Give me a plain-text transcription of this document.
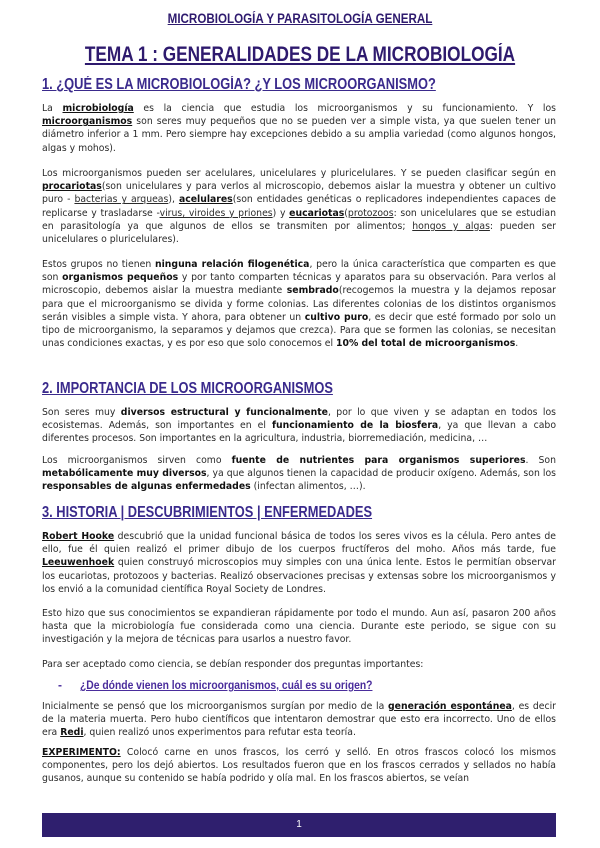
MICROBIOLOGÍA Y PARASITOLOGÍA GENERAL
TEMA 1 : GENERALIDADES DE LA MICROBIOLOGÍA
1. ¿QUÉ ES LA MICROBIOLOGÍA? ¿Y LOS MICROORGANISMO?
La microbiología es la ciencia que estudia los microorganismos y su funcionamiento. Y los microorganismos son seres muy pequeños que no se pueden ver a simple vista, ya que suelen tener un diámetro inferior a 1 mm. Pero siempre hay excepciones debido a su amplia variedad (como algunos hongos, algas y mohos).
Los microorganismos pueden ser acelulares, unicelulares y pluricelulares. Y se pueden clasificar según en procariotas(son unicelulares y para verlos al microscopio, debemos aislar la muestra y obtener un cultivo puro - bacterias y arqueas), acelulares(son entidades genéticas o replicadores independientes capaces de replicarse y trasladarse -virus, viroides y priones) y eucariotas(protozoos: son unicelulares que se estudian en parasitología ya que algunos de ellos se transmiten por alimentos; hongos y algas: pueden ser unicelulares o pluricelulares).
Estos grupos no tienen ninguna relación filogenética, pero la única característica que comparten es que son organismos pequeños y por tanto comparten técnicas y aparatos para su observación. Para verlos al microscopio, debemos aislar la muestra mediante sembrado(recogemos la muestra y la dejamos reposar para que el microorganismo se divida y forme colonias. Las diferentes colonias de los distintos organismos serán visibles a simple vista. Y ahora, para obtener un cultivo puro, es decir que esté formado por solo un tipo de microorganismo, la separamos y dejamos que crezca). Para que se formen las colonias, se necesitan unas condiciones exactas, y es por eso que solo conocemos el 10% del total de microorganismos.
2. IMPORTANCIA DE LOS MICROORGANISMOS
Son seres muy diversos estructural y funcionalmente, por lo que viven y se adaptan en todos los ecosistemas. Además, son importantes en el funcionamiento de la biosfera, ya que llevan a cabo diferentes procesos. Son importantes en la agricultura, industria, biorremediación, medicina, …
Los microorganismos sirven como fuente de nutrientes para organismos superiores. Son metabólicamente muy diversos, ya que algunos tienen la capacidad de producir oxígeno. Además, son los responsables de algunas enfermedades (infectan alimentos, …).
3. HISTORIA | DESCUBRIMIENTOS | ENFERMEDADES
Robert Hooke descubrió que la unidad funcional básica de todos los seres vivos es la célula. Pero antes de ello, fue él quien realizó el primer dibujo de los cuerpos fructíferos del moho. Años más tarde, fue Leeuwenhoek quien construyó microscopios muy simples con una única lente. Estos le permitían observar los eucariotas, protozoos y bacterias. Realizó observaciones precisas y extensas sobre los microorganismos y los envió a la comunidad científica Royal Society de Londres.
Esto hizo que sus conocimientos se expandieran rápidamente por todo el mundo. Aun así, pasaron 200 años hasta que la microbiología fue considerada como una ciencia. Durante este periodo, se sigue con su investigación y la mejora de técnicas para usarlos a nuestro favor.
Para ser aceptado como ciencia, se debían responder dos preguntas importantes:
- ¿De dónde vienen los microorganismos, cuál es su origen?
Inicialmente se pensó que los microorganismos surgían por medio de la generación espontánea, es decir de la materia muerta. Pero hubo científicos que intentaron demostrar que esto era incorrecto. Uno de ellos era Redi, quien realizó unos experimentos para refutar esta teoría.
EXPERIMENTO: Colocó carne en unos frascos, los cerró y selló. En otros frascos colocó los mismos componentes, pero los dejó abiertos. Los resultados fueron que en los frascos cerrados y sellados no había gusanos, aunque su contenido se había podrido y olía mal. En los frascos abiertos, se veían
1
